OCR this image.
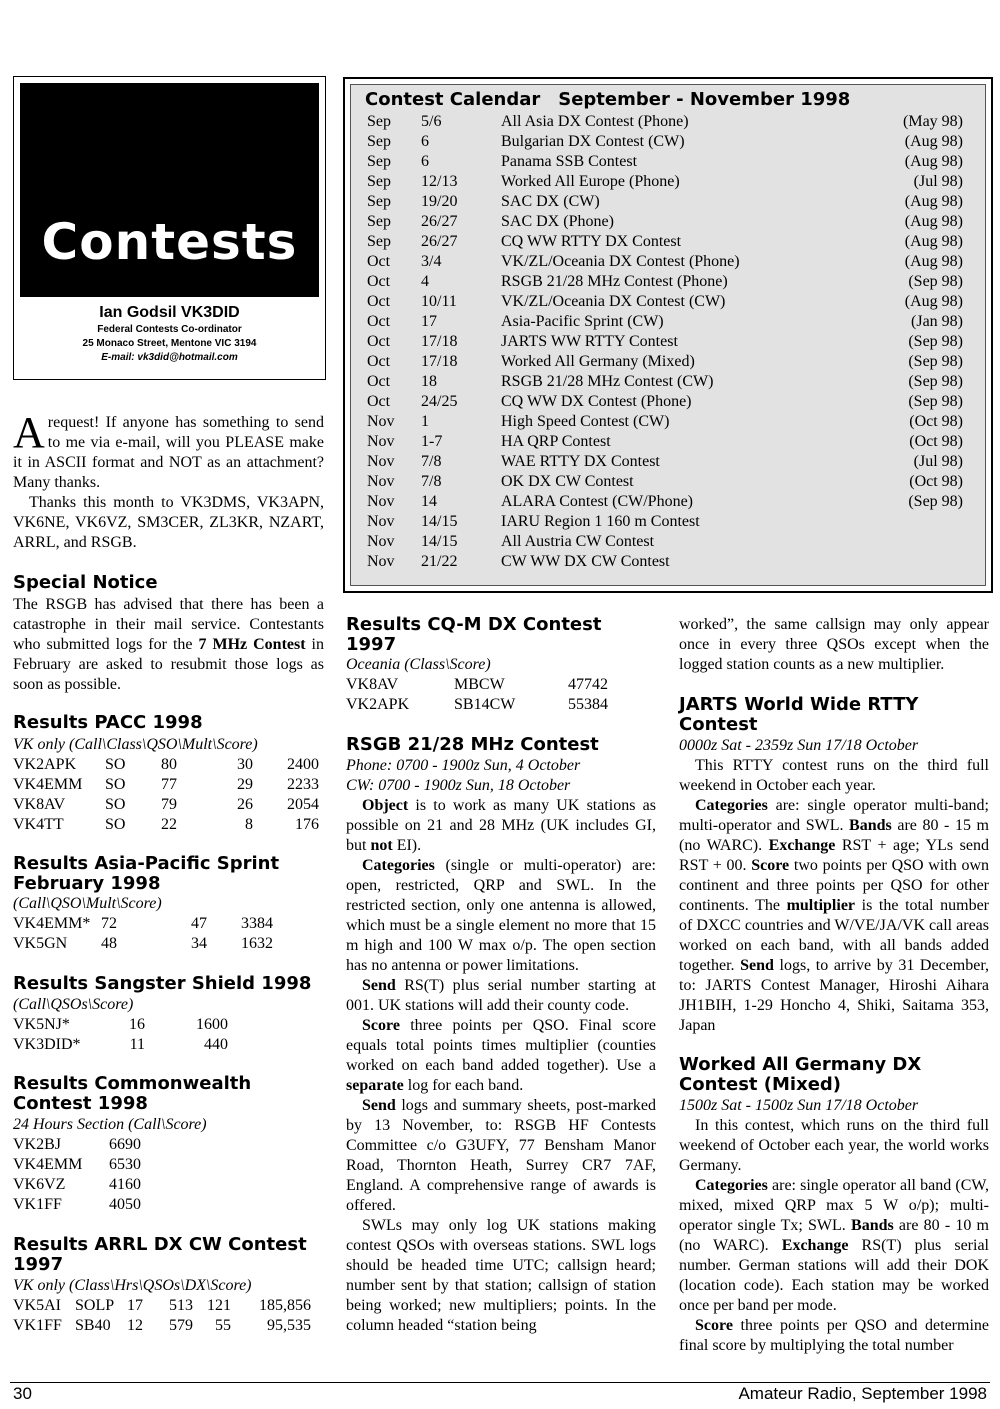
Contests
Ian Godsil VK3DID
Federal Contests Co-ordinator
25 Monaco Street, Mentone VIC 3194
E-mail: vk3did@hotmail.com

Arequest! If anyone has something to send to me via e-mail, will you PLEASE make it in ASCII format and NOT as an attachment? Many thanks.

Thanks this month to VK3DMS, VK3APN, VK6NE, VK6VZ, SM3CER, ZL3KR, NZART, ARRL, and RSGB.

Special Notice

The RSGB has advised that there has been a catastrophe in their mail service. Contestants who submitted logs for the 7 MHz Contest in February are asked to resubmit those logs as soon as possible.

Results PACC 1998
VK only (Call\Class\QSO\Mult\Score)
VK2APK	SO	80	30	2400
VK4EMM	SO	77	29	2233
VK8AV	SO	79	26	2054
VK4TT	SO	22	8	176
Results Asia-Pacific Sprint February 1998
(Call\QSO\Mult\Score)
VK4EMM*	72	47	3384
VK5GN	48	34	1632
Results Sangster Shield 1998
(Call\QSOs\Score)
VK5NJ*	16	1600
VK3DID*	11	440
Results Commonwealth Contest 1998
24 Hours Section (Call\Score)
VK2BJ	6690
VK4EMM	6530
VK6VZ	4160
VK1FF	4050
Results ARRL DX CW Contest 1997
VK only (Class\Hrs\QSOs\DX\Score)
VK5AI	SOLP	17	513	121	185,856
VK1FF	SB40	12	579	55	95,535
Contest Calendar September - November 1998
Sep 5/6	All Asia DX Contest (Phone)	(May 98)
Sep 6	Bulgarian DX Contest (CW)	(Aug 98)
Sep 6	Panama SSB Contest	(Aug 98)
Sep 12/13	Worked All Europe (Phone)	(Jul 98)
Sep 19/20	SAC DX (CW)	(Aug 98)
Sep 26/27	SAC DX (Phone)	(Aug 98)
Sep 26/27	CQ WW RTTY DX Contest	(Aug 98)
Oct 3/4	VK/ZL/Oceania DX Contest (Phone)	(Aug 98)
Oct 4	RSGB 21/28 MHz Contest (Phone)	(Sep 98)
Oct 10/11	VK/ZL/Oceania DX Contest (CW)	(Aug 98)
Oct 17	Asia-Pacific Sprint (CW)	(Jan 98)
Oct 17/18	JARTS WW RTTY Contest	(Sep 98)
Oct 17/18	Worked All Germany (Mixed)	(Sep 98)
Oct 18	RSGB 21/28 MHz Contest (CW)	(Sep 98)
Oct 24/25	CQ WW DX Contest (Phone)	(Sep 98)
Nov 1	High Speed Contest (CW)	(Oct 98)
Nov 1-7	HA QRP Contest	(Oct 98)
Nov 7/8	WAE RTTY DX Contest	(Jul 98)
Nov 7/8	OK DX CW Contest	(Oct 98)
Nov 14	ALARA Contest (CW/Phone)	(Sep 98)
Nov 14/15	IARU Region 1 160 m Contest
Nov 14/15	All Austria CW Contest
Nov 21/22	CW WW DX CW Contest
Results CQ-M DX Contest 1997
Oceania (Class\Score)
VK8AV	MBCW	47742
VK2APK	SB14CW	55384
RSGB 21/28 MHz Contest
Phone: 0700 - 1900z Sun, 4 October
CW: 0700 - 1900z Sun, 18 October

Object is to work as many UK stations as possible on 21 and 28 MHz (UK includes GI, but not EI).

Categories (single or multi-operator) are: open, restricted, QRP and SWL. In the restricted section, only one antenna is allowed, which must be a single element no more that 15 m high and 100 W max o/p. The open section has no antenna or power limitations.

Send RS(T) plus serial number starting at 001. UK stations will add their county code.

Score three points per QSO. Final score equals total points times multiplier (counties worked on each band added together). Use a separate log for each band.

Send logs and summary sheets, post-marked by 13 November, to: RSGB HF Contests Committee c/o G3UFY, 77 Bensham Manor Road, Thornton Heath, Surrey CR7 7AF, England. A comprehensive range of awards is offered.

SWLs may only log UK stations making contest QSOs with overseas stations. SWL logs should be headed time UTC; callsign heard; number sent by that station; callsign of station being worked; new multipliers; points. In the column headed “station being

worked”, the same callsign may only appear once in every three QSOs except when the logged station counts as a new multiplier.

JARTS World Wide RTTY Contest
0000z Sat - 2359z Sun 17/18 October

This RTTY contest runs on the third full weekend in October each year.

Categories are: single operator multi-band; multi-operator and SWL. Bands are 80 - 15 m (no WARC). Exchange RST + age; YLs send RST + 00. Score two points per QSO with own continent and three points per QSO for other continents. The multiplier is the total number of DXCC countries and W/VE/JA/VK call areas worked on each band, with all bands added together. Send logs, to arrive by 31 December, to: JARTS Contest Manager, Hiroshi Aihara JH1BIH, 1-29 Honcho 4, Shiki, Saitama 353, Japan

Worked All Germany DX Contest (Mixed)
1500z Sat - 1500z Sun 17/18 October

In this contest, which runs on the third full weekend of October each year, the world works Germany.

Categories are: single operator all band (CW, mixed, mixed QRP max 5 W o/p); multi-operator single Tx; SWL. Bands are 80 - 10 m (no WARC). Exchange RS(T) plus serial number. German stations will add their DOK (location code). Each station may be worked once per band per mode.

Score three points per QSO and determine final score by multiplying the total number

30	Amateur Radio, September 1998
